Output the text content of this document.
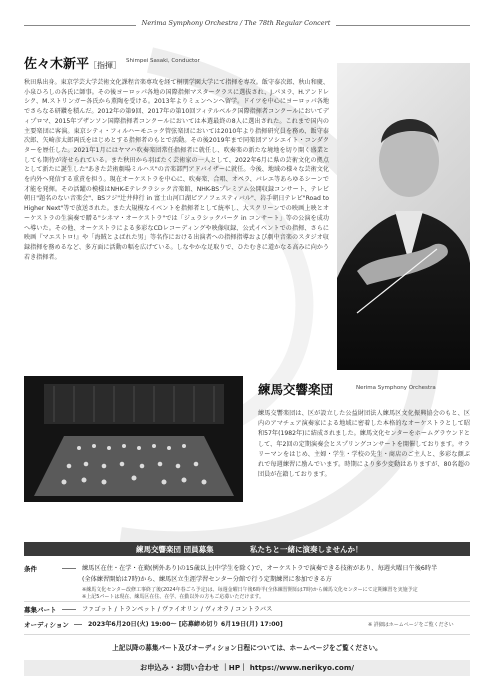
Nerima Symphony Orchestra / The 78th Regular Concert
佐々木新平［指揮］ Shimpei Sasaki, Conductor
秋田県出身。東京学芸大学芸術文化課程音楽専攻を経て桐朋学園大学にて指揮を専攻。飯守泰次郎、秋山和慶、小泉ひろしの各氏に師事。その後ヨーロッパ各地の国際指揮マスタークラスに選抜され、J.パヌラ、H.アンドレシク、M.ストリンガー各氏から薫陶を受ける。2013年よりミュンヘンへ留学。ドイツを中心にヨーロッパ各地でさらなる研鑽を積んだ。2012年の第9回、2017年の第10回フィテルベルク国際指揮者コンクールにおいてディプロマ、2015年ブザンソン国際指揮者コンクールにおいては本選最終の8人に選出された。これまで国内の主要楽団に客演。東京シティ・フィルハーモニック管弦楽団においては2010年より指揮研究員を務め、飯守泰次郎、矢崎彦太郎両氏をはじめとする指揮者のもとで活動。その後2019年まで同楽団アソシエイト・コンダクターを歴任した。2021年1月にはヤマハ吹奏楽団常任指揮者に就任し、吹奏楽の新たな境地を切り開く盛業としても期待が寄せられている。また秋田から羽ばたく芸術家の一人として、2022年6月に県の芸術文化の拠点として新たに誕生した"あきた芸術劇場ミルハス"の音楽部門アドバイザーに就任。今後、地域の様々な芸術文化を内外へ発信する重責を担う。現在オーケストラを中心に、吹奏楽、合唱、オペラ、バレエ等あらゆるシーンで才能を発揮。その活躍の模様はNHK-Eテレクラシック音楽館、NHK-BSプレミアム公開収録コンサート、テレビ朝日"題名のない音楽会"、BSフジ"辻井伸行 in 富士山河口湖ピアノフェスティバル"、岩手朝日テレビ"Road to Higher Next"等で放送された。また大規模なイベントを指揮者として統率し、大スクリーンでの映画上映とオーケストラの生演奏で贈る"シネマ・オーケストラ"では「ジュラシックパーク in コンサート」等の公演を成功へ導いた。その他、オーケストラによる多彩なCDレコーディングや映像収録、公式イベントでの指揮、さらに映画『マエストロ!』や「海賊とよばれた男」等名作における出演者への指揮指導および劇中音楽のスタジオ収録指揮を務めるなど、多方面に活動の幅を広げている。しなやかな足取りで、ひたむきに道かなる高みに向かう若き指揮者。
練馬交響楽団	Nerima Symphony Orchestra
練馬交響楽団は、区が設立した公益財団法人練馬区文化振興協会のもと、区内のアマチュア演奏家による地域に密着した本格的なオーケストラとして昭和57年(1982年)に結成されました。練馬文化センターをホームグラウンドとして、年2回の定期演奏会とスプリングコンサートを開催しております。サラリーマンをはじめ、主婦・学生・学校の先生・商店のご主人と、多彩な顔ぶれで毎週練習に励んでいます。時期により多少変動はありますが、80名超の団員が在籍しております。
練馬交響楽団 団員募集	私たちと一緒に演奏しませんか！
条件	練馬区在住・在学・在勤(例外あり)の15歳以上(中学生を除く)で、オーケストラで演奏できる技術があり、毎週火曜日午後6時半
(全体練習開始は7時)から、練馬区立生涯学習センター分館で行う定期練習に参加できる方
※練馬文化センター改修工事終了後(2024年春ごろ予定)は、毎週金曜日午後6時半(全体練習開始は7時)から練馬文化センターにて定期練習を実施予定
※上記5パートは現在、練馬区在住、在学、在勤以外の方もご応募いただけます。
募集パート	ファゴット / トランペット / ヴァイオリン / ヴィオラ / コントラバス
オーディション	2023年6月20日(火) 19:00～ [応募締め切り 6月19日(月) 17:00]	※ 詳細はホームページをご覧ください
上記以降の募集パート及びオーディション日程については、ホームページをご覧ください。
お申込み・お問い合わせ ｜HP｜ https://www.nerikyo.com/
